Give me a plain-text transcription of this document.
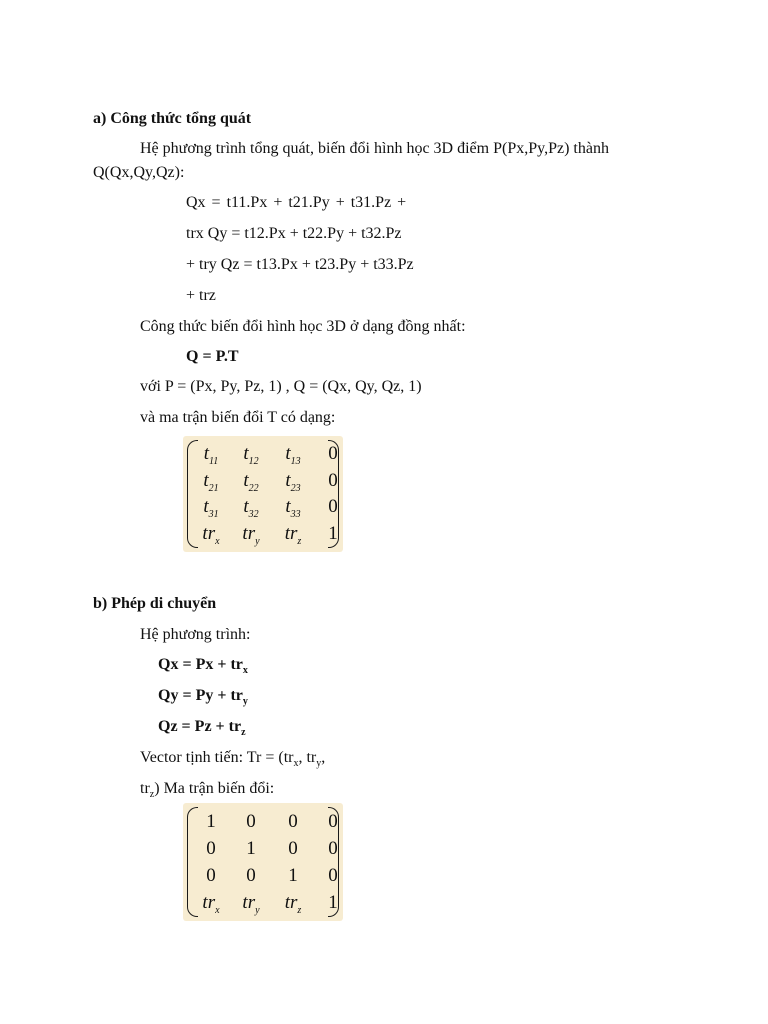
a) Công thức tổng quát
Hệ phương trình tổng quát, biến đổi hình học 3D điểm P(Px,Py,Pz) thành
Q(Qx,Qy,Qz):
Qx = t11.Px + t21.Py + t31.Pz +
trx Qy = t12.Px + t22.Py + t32.Pz
+ try Qz = t13.Px + t23.Py + t33.Pz
+ trz
Công thức biến đổi hình học 3D ở dạng đồng nhất:
Q = P.T
với P = (Px, Py, Pz, 1) , Q = (Qx, Qy, Qz, 1)
và ma trận biến đổi T có dạng:
$t_{11}$	$t_{12}$	$t_{13}$	0
$t_{21}$	$t_{22}$	$t_{23}$	0
$t_{31}$	$t_{32}$	$t_{33}$	0
$tr_x$	$tr_y$	$tr_z$	1
b) Phép di chuyển
Hệ phương trình:
$Qx = Px + tr_x$
$Qy = Py + tr_y$
$Qz = Pz + tr_z$
Vector tịnh tiến: $Tr = (tr_x$, $tr_y$,
$tr_z$) Ma trận biến đổi:
1	0	0	0
0	1	0	0
0	0	1	0
$tr_x$	$tr_y$	$tr_z$	1
